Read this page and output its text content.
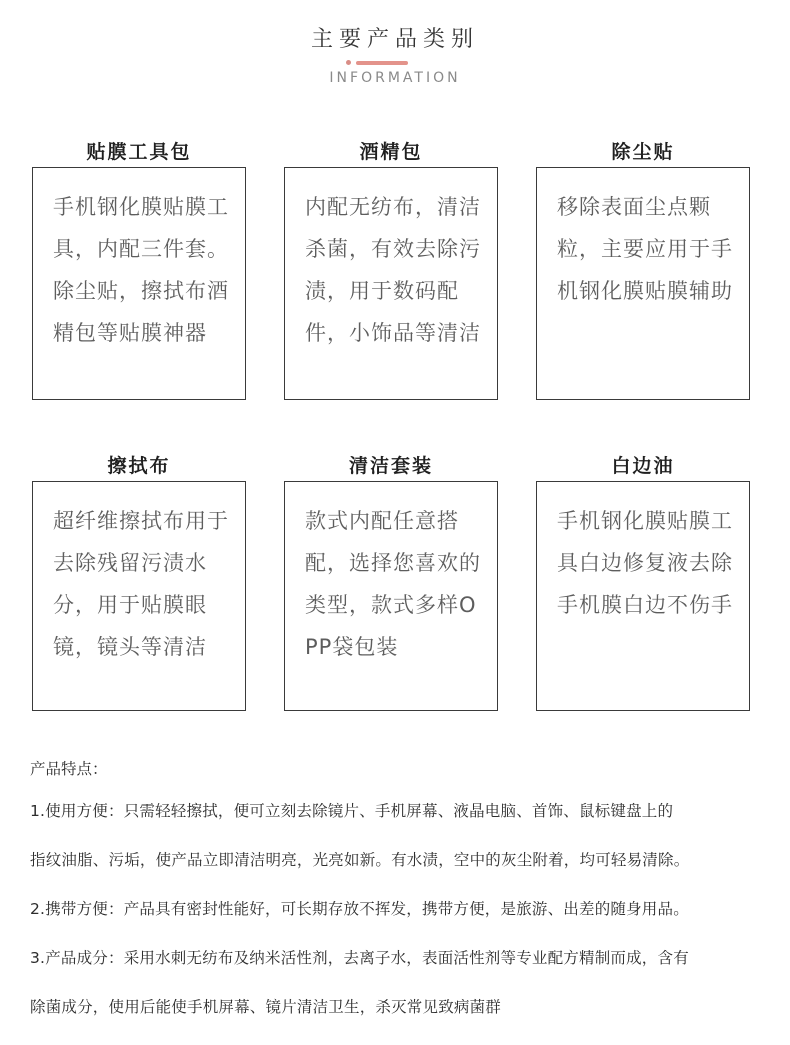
主要产品类别
INFORMATION
贴膜工具包
手机钢化膜贴膜工具，内配三件套。除尘贴，擦拭布酒精包等贴膜神器
酒精包
内配无纺布，清洁杀菌，有效去除污渍，用于数码配件，小饰品等清洁
除尘贴
移除表面尘点颗粒，主要应用于手机钢化膜贴膜辅助
擦拭布
超纤维擦拭布用于去除残留污渍水分，用于贴膜眼镜，镜头等清洁
清洁套装
款式内配任意搭配，选择您喜欢的类型，款式多样OPP袋包装
白边油
手机钢化膜贴膜工具白边修复液去除手机膜白边不伤手
产品特点：
1.使用方便：只需轻轻擦拭，便可立刻去除镜片、手机屏幕、液晶电脑、首饰、鼠标键盘上的
指纹油脂、污垢，使产品立即清洁明亮，光亮如新。有水渍，空中的灰尘附着，均可轻易清除。
2.携带方便：产品具有密封性能好，可长期存放不挥发，携带方便，是旅游、出差的随身用品。
3.产品成分：采用水刺无纺布及纳米活性剂，去离子水，表面活性剂等专业配方精制而成，含有
除菌成分，使用后能使手机屏幕、镜片清洁卫生，杀灭常见致病菌群
